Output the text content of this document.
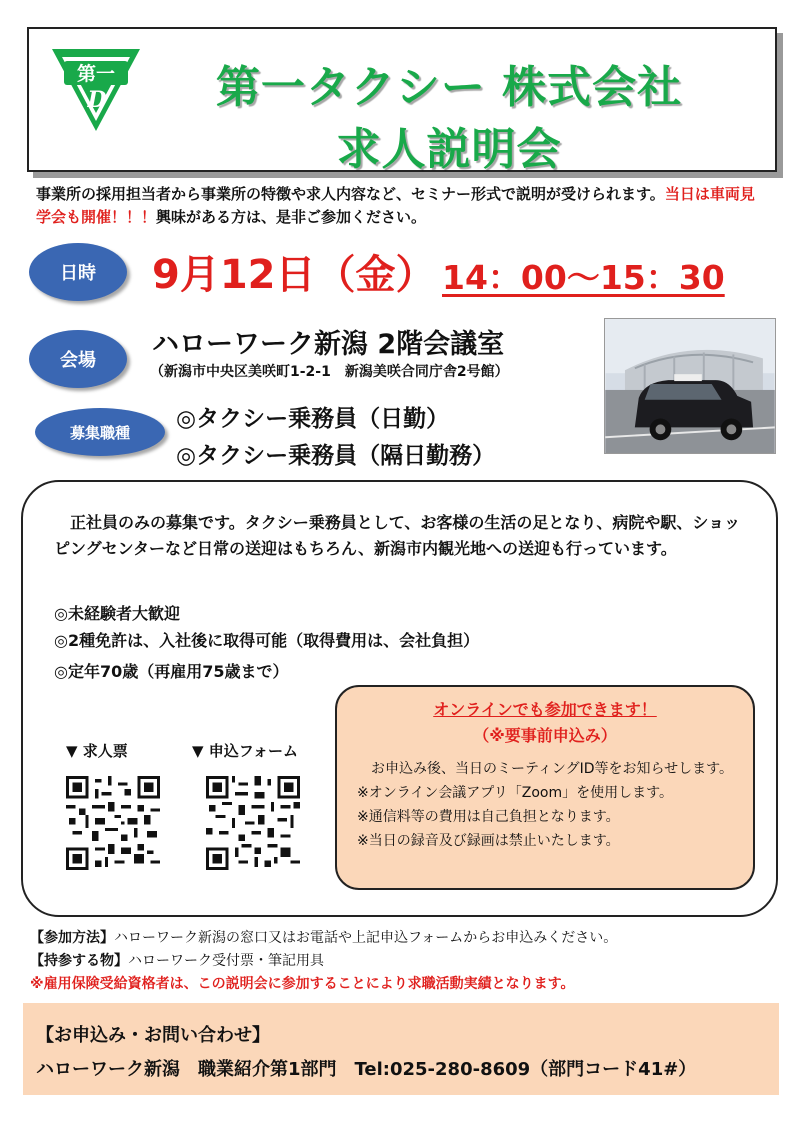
第一
D	第一タクシー 株式会社
求人説明会
事業所の採用担当者から事業所の特徴や求人内容など、セミナー形式で説明が受けられます。当日は車両見学会も開催！！！興味がある方は、是非ご参加ください。
日時	9月12日（金） 14：00～15：30
会場
ハローワーク新潟 2階会議室
（新潟市中央区美咲町1-2-1　新潟美咲合同庁舎2号館）
募集職種
◎タクシー乗務員（日勤）
◎タクシー乗務員（隔日勤務）
　正社員のみの募集です。タクシー乗務員として、お客様の生活の足となり、病院や駅、ショッピングセンターなど日常の送迎はもちろん、新潟市内観光地への送迎も行っています。
◎未経験者大歓迎
◎2種免許は、入社後に取得可能（取得費用は、会社負担）
◎定年70歳（再雇用75歳まで）
▼ 求人票	▼ 申込フォーム
オンラインでも参加できます！
（※要事前申込み）
　お申込み後、当日のミーティングID等をお知らせします。
※オンライン会議アプリ「Zoom」を使用します。
※通信料等の費用は自己負担となります。
※当日の録音及び録画は禁止いたします。
【参加方法】ハローワーク新潟の窓口又はお電話や上記申込フォームからお申込みください。
【持参する物】ハローワーク受付票・筆記用具
※雇用保険受給資格者は、この説明会に参加することにより求職活動実績となります。
【お申込み・お問い合わせ】
ハローワーク新潟　職業紹介第1部門　Tel:025-280-8609（部門コード41#）
